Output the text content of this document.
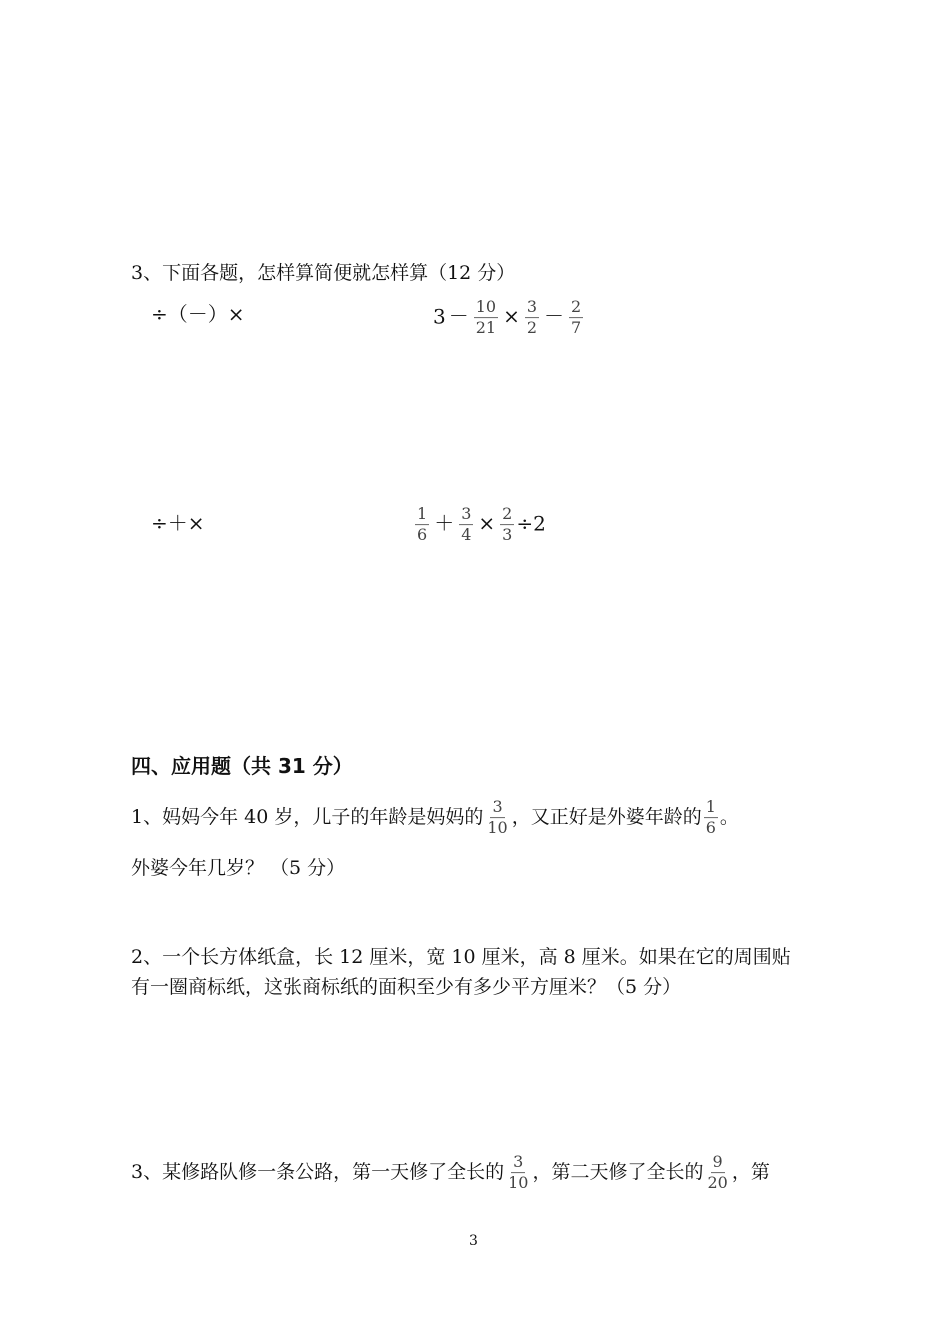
3、下面各题，怎样算简便就怎样算（12 分）
÷（－）×	$3 - \frac{10}{21} \times \frac{3}{2} - \frac{2}{7}$
÷＋×	$\frac{1}{6} + \frac{3}{4} \times \frac{2}{3} \div 2$
四、应用题（共 31 分）
1、妈妈今年 40 岁，儿子的年龄是妈妈的 $\frac{3}{10}$ ，又正好是外婆年龄的 $\frac{1}{6}$ 。
外婆今年几岁？ （5 分）
2、一个长方体纸盒，长 12 厘米，宽 10 厘米，高 8 厘米。如果在它的周围贴
有一圈商标纸，这张商标纸的面积至少有多少平方厘米？（5 分）
3、某修路队修一条公路，第一天修了全长的 $\frac{3}{10}$ ，第二天修了全长的 $\frac{9}{20}$ ，第
3
